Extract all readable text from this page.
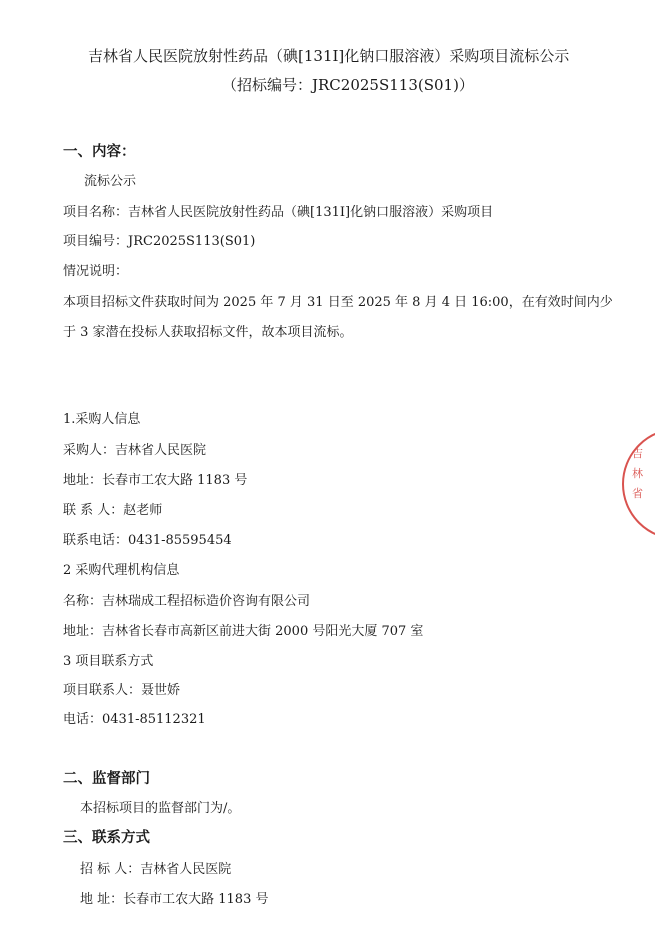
吉林省人民医院放射性药品（碘[131I]化钠口服溶液）采购项目流标公示
（招标编号：JRC2025S113(S01)）
一、内容：
流标公示
项目名称：吉林省人民医院放射性药品（碘[131I]化钠口服溶液）采购项目
项目编号：JRC2025S113(S01)
情况说明：
本项目招标文件获取时间为 2025 年 7 月 31 日至 2025 年 8 月 4 日 16:00，在有效时间内少
于 3 家潜在投标人获取招标文件，故本项目流标。
1.采购人信息
采购人：吉林省人民医院
地址：长春市工农大路 1183 号
联 系 人：赵老师
联系电话：0431-85595454
2 采购代理机构信息
名称：吉林瑞成工程招标造价咨询有限公司
地址：吉林省长春市高新区前进大街 2000 号阳光大厦 707 室
3 项目联系方式
项目联系人：聂世娇
电话：0431-85112321
二、监督部门
本招标项目的监督部门为/。
三、联系方式
招 标 人：吉林省人民医院
地 址：长春市工农大路 1183 号
吉林省
